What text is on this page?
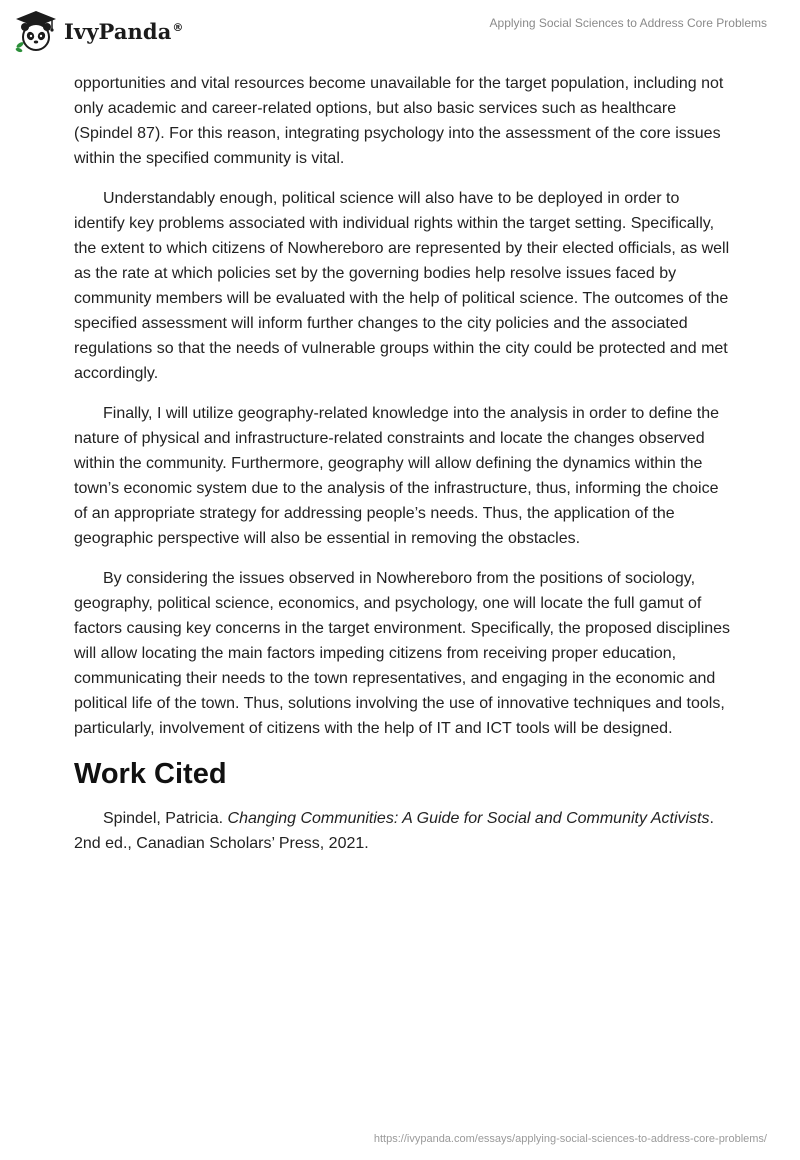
IvyPanda®	Applying Social Sciences to Address Core Problems

opportunities and vital resources become unavailable for the target population, including not only academic and career-related options, but also basic services such as healthcare (Spindel 87). For this reason, integrating psychology into the assessment of the core issues within the specified community is vital.

Understandably enough, political science will also have to be deployed in order to identify key problems associated with individual rights within the target setting. Specifically, the extent to which citizens of Nowhereboro are represented by their elected officials, as well as the rate at which policies set by the governing bodies help resolve issues faced by community members will be evaluated with the help of political science. The outcomes of the specified assessment will inform further changes to the city policies and the associated regulations so that the needs of vulnerable groups within the city could be protected and met accordingly.

Finally, I will utilize geography-related knowledge into the analysis in order to define the nature of physical and infrastructure-related constraints and locate the changes observed within the community. Furthermore, geography will allow defining the dynamics within the town’s economic system due to the analysis of the infrastructure, thus, informing the choice of an appropriate strategy for addressing people’s needs. Thus, the application of the geographic perspective will also be essential in removing the obstacles.

By considering the issues observed in Nowhereboro from the positions of sociology, geography, political science, economics, and psychology, one will locate the full gamut of factors causing key concerns in the target environment. Specifically, the proposed disciplines will allow locating the main factors impeding citizens from receiving proper education, communicating their needs to the town representatives, and engaging in the economic and political life of the town. Thus, solutions involving the use of innovative techniques and tools, particularly, involvement of citizens with the help of IT and ICT tools will be designed.

Work Cited

Spindel, Patricia. Changing Communities: A Guide for Social and Community Activists. 2nd ed., Canadian Scholars’ Press, 2021.

https://ivypanda.com/essays/applying-social-sciences-to-address-core-problems/
